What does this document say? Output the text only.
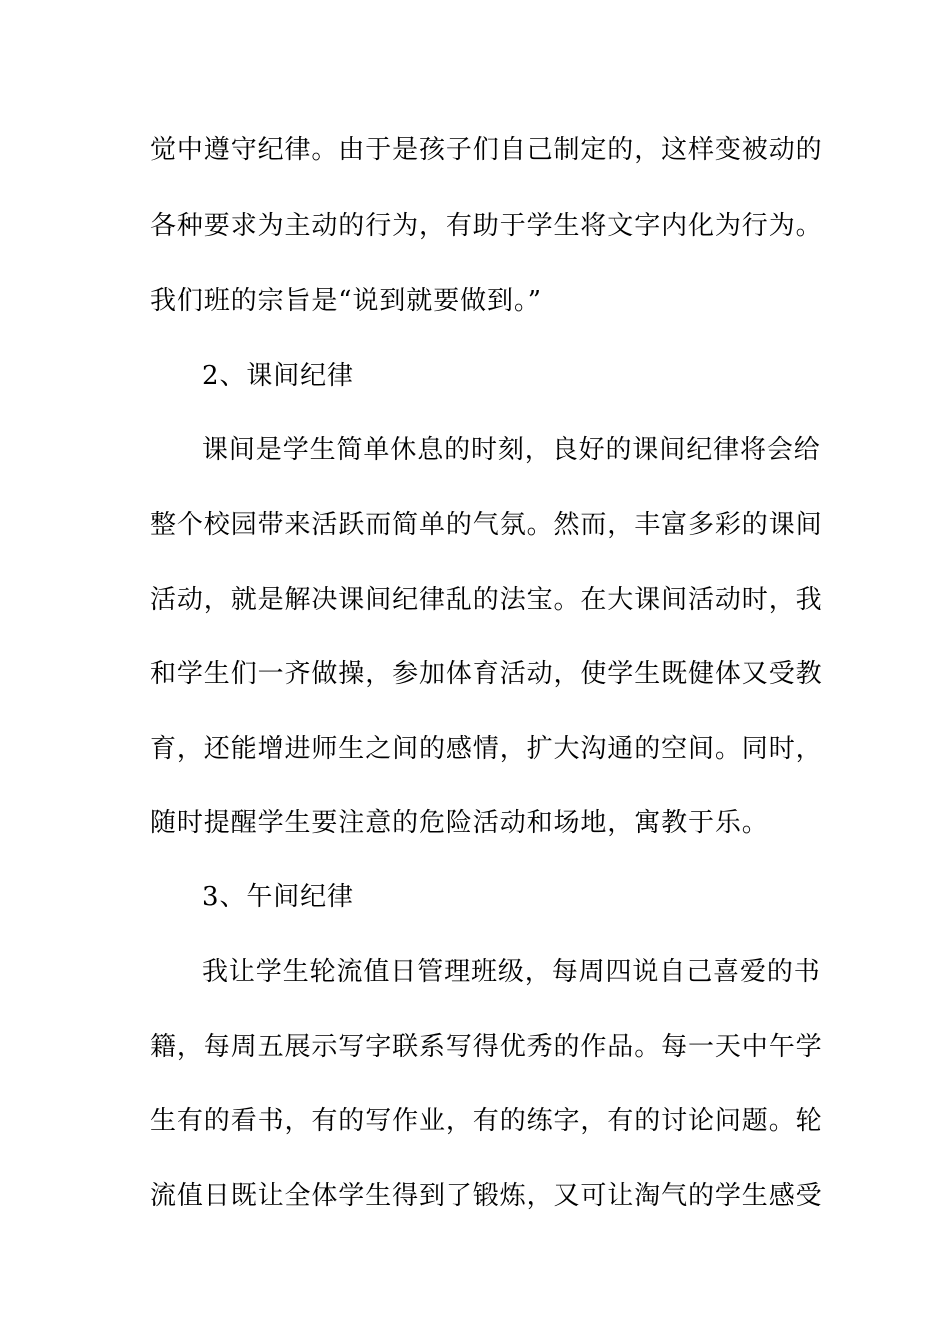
觉中遵守纪律。由于是孩子们自己制定的，这样变被动的
各种要求为主动的行为，有助于学生将文字内化为行为。
我们班的宗旨是“说到就要做到。”
2、课间纪律
课间是学生简单休息的时刻，良好的课间纪律将会给
整个校园带来活跃而简单的气氛。然而，丰富多彩的课间
活动，就是解决课间纪律乱的法宝。在大课间活动时，我
和学生们一齐做操，参加体育活动，使学生既健体又受教
育，还能增进师生之间的感情，扩大沟通的空间。同时，
随时提醒学生要注意的危险活动和场地，寓教于乐。
3、午间纪律
我让学生轮流值日管理班级，每周四说自己喜爱的书
籍，每周五展示写字联系写得优秀的作品。每一天中午学
生有的看书，有的写作业，有的练字，有的讨论问题。轮
流值日既让全体学生得到了锻炼，又可让淘气的学生感受
